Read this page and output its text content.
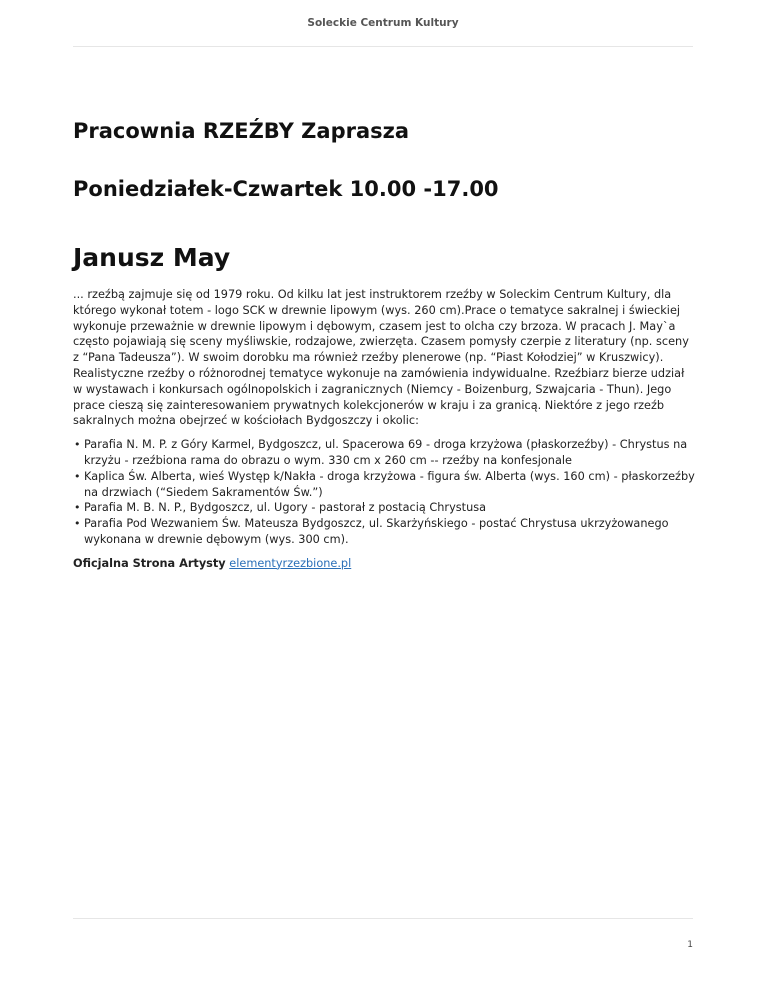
Soleckie Centrum Kultury
Pracownia RZEŹBY Zaprasza
Poniedziałek-Czwartek 10.00 -17.00
Janusz May

... rzeźbą zajmuje się od 1979 roku. Od kilku lat jest instruktorem rzeźby w Soleckim Centrum Kultury, dla którego wykonał totem - logo SCK w drewnie lipowym (wys. 260 cm).Prace o tematyce sakralnej i świeckiej wykonuje przeważnie w drewnie lipowym i dębowym, czasem jest to olcha czy brzoza. W pracach J. May`a często pojawiają się sceny myśliwskie, rodzajowe, zwierzęta. Czasem pomysły czerpie z literatury (np. sceny z “Pana Tadeusza”). W swoim dorobku ma również rzeźby plenerowe (np. “Piast Kołodziej” w Kruszwicy). Realistyczne rzeźby o różnorodnej tematyce wykonuje na zamówienia indywidualne. Rzeźbiarz bierze udział w wystawach i konkursach ogólnopolskich i zagranicznych (Niemcy - Boizenburg, Szwajcaria - Thun). Jego prace cieszą się zainteresowaniem prywatnych kolekcjonerów w kraju i za granicą. Niektóre z jego rzeźb sakralnych można obejrzeć w kościołach Bydgoszczy i okolic:

• Parafia N. M. P. z Góry Karmel, Bydgoszcz, ul. Spacerowa 69 - droga krzyżowa (płaskorzeźby) - Chrystus na krzyżu - rzeźbiona rama do obrazu o wym. 330 cm x 260 cm -- rzeźby na konfesjonale
• Kaplica Św. Alberta, wieś Występ k/Nakła - droga krzyżowa - figura św. Alberta (wys. 160 cm) - płaskorzeźby na drzwiach (“Siedem Sakramentów Św.”)
• Parafia M. B. N. P., Bydgoszcz, ul. Ugory - pastorał z postacią Chrystusa
• Parafia Pod Wezwaniem Św. Mateusza Bydgoszcz, ul. Skarżyńskiego - postać Chrystusa ukrzyżowanego wykonana w drewnie dębowym (wys. 300 cm).

Oficjalna Strona Artysty elementyrzezbione.pl

1
